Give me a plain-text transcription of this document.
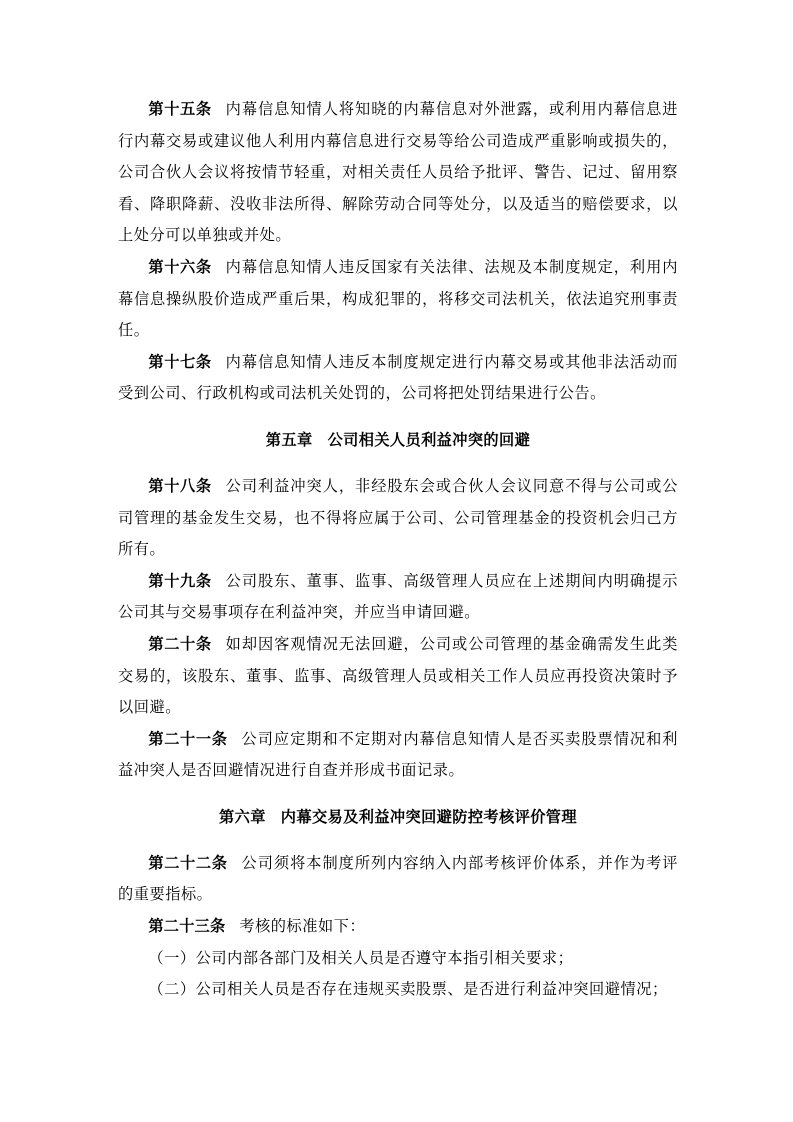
第十五条 内幕信息知情人将知晓的内幕信息对外泄露，或利用内幕信息进行内幕交易或建议他人利用内幕信息进行交易等给公司造成严重影响或损失的，公司合伙人会议将按情节轻重，对相关责任人员给予批评、警告、记过、留用察看、降职降薪、没收非法所得、解除劳动合同等处分，以及适当的赔偿要求，以上处分可以单独或并处。

第十六条 内幕信息知情人违反国家有关法律、法规及本制度规定，利用内幕信息操纵股价造成严重后果，构成犯罪的，将移交司法机关，依法追究刑事责任。

第十七条 内幕信息知情人违反本制度规定进行内幕交易或其他非法活动而受到公司、行政机构或司法机关处罚的，公司将把处罚结果进行公告。

第五章 公司相关人员利益冲突的回避

第十八条 公司利益冲突人，非经股东会或合伙人会议同意不得与公司或公司管理的基金发生交易，也不得将应属于公司、公司管理基金的投资机会归己方所有。

第十九条 公司股东、董事、监事、高级管理人员应在上述期间内明确提示公司其与交易事项存在利益冲突，并应当申请回避。

第二十条 如却因客观情况无法回避，公司或公司管理的基金确需发生此类交易的，该股东、董事、监事、高级管理人员或相关工作人员应再投资决策时予以回避。

第二十一条 公司应定期和不定期对内幕信息知情人是否买卖股票情况和利益冲突人是否回避情况进行自查并形成书面记录。

第六章 内幕交易及利益冲突回避防控考核评价管理

第二十二条 公司须将本制度所列内容纳入内部考核评价体系，并作为考评的重要指标。

第二十三条 考核的标准如下：

（一）公司内部各部门及相关人员是否遵守本指引相关要求；

（二）公司相关人员是否存在违规买卖股票、是否进行利益冲突回避情况；
